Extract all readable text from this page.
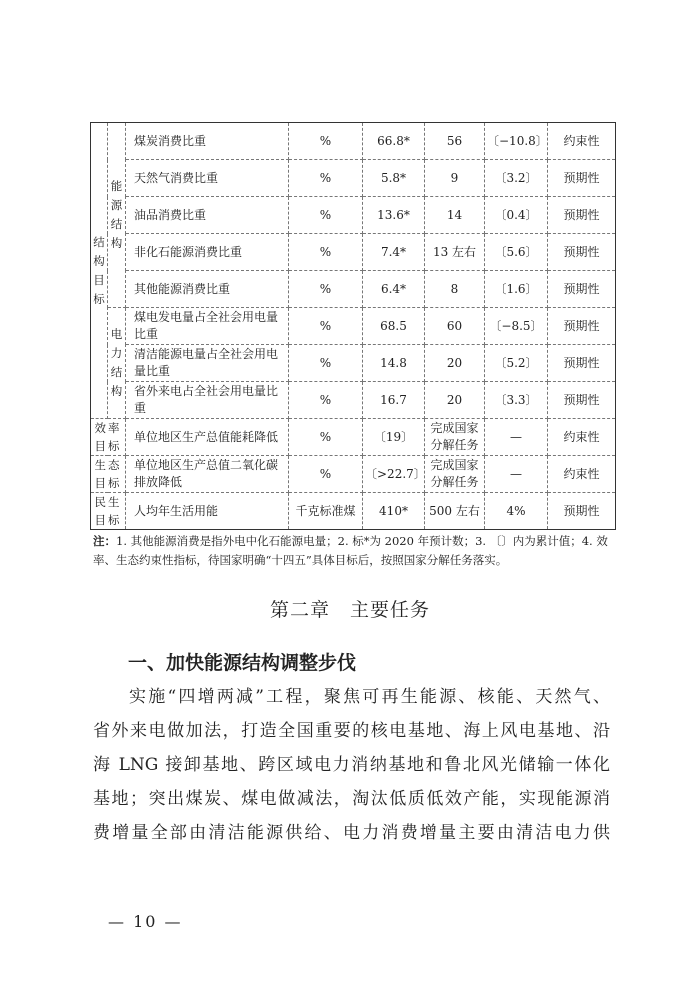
结构目标	能源结构	煤炭消费比重	%	66.8*	56	〔−10.8〕	约束性
		天然气消费比重	%	5.8*	9	〔3.2〕	预期性
		油品消费比重	%	13.6*	14	〔0.4〕	预期性
		非化石能源消费比重	%	7.4*	13 左右	〔5.6〕	预期性
		其他能源消费比重	%	6.4*	8	〔1.6〕	预期性
	电力结构	煤电发电量占全社会用电量比重	%	68.5	60	〔−8.5〕	预期性
		清洁能源电量占全社会用电量比重	%	14.8	20	〔5.2〕	预期性
		省外来电占全社会用电量比重	%	16.7	20	〔3.3〕	预期性
效率目标		单位地区生产总值能耗降低	%	〔19〕	完成国家分解任务	—	约束性
生态目标		单位地区生产总值二氧化碳排放降低	%	〔>22.7〕	完成国家分解任务	—	约束性
民生目标		人均年生活用能	千克标准煤	410*	500 左右	4%	预期性
注：1. 其他能源消费是指外电中化石能源电量；2. 标*为 2020 年预计数；3. 〔〕内为累计值；4. 效率、生态约束性指标，待国家明确“十四五”具体目标后，按照国家分解任务落实。
第二章　主要任务
一、加快能源结构调整步伐
实施“四增两减”工程，聚焦可再生能源、核能、天然气、
省外来电做加法，打造全国重要的核电基地、海上风电基地、沿
海 LNG 接卸基地、跨区域电力消纳基地和鲁北风光储输一体化
基地；突出煤炭、煤电做减法，淘汰低质低效产能，实现能源消
费增量全部由清洁能源供给、电力消费增量主要由清洁电力供
— 10 —
